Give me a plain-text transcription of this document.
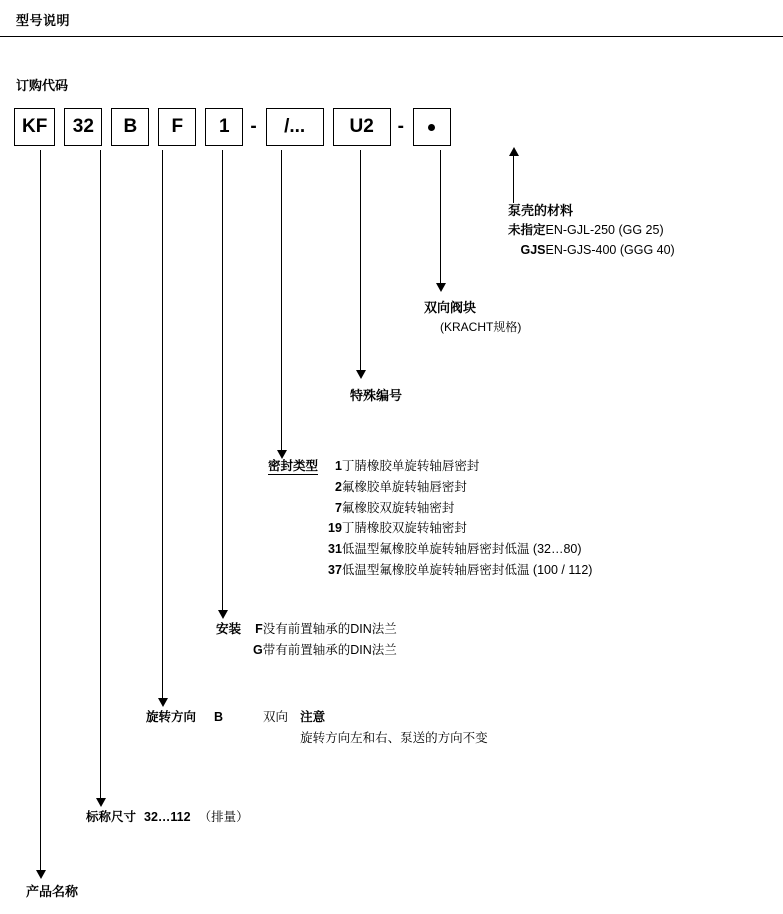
型号说明
订购代码
KF	32	B	F	1	-	/...	U2	-
泵壳的材料
未指定	EN-GJL-250 (GG 25)
GJS	EN-GJS-400 (GGG 40)
双向阀块
(KRACHT规格)
特殊编号
密封类型	1	丁腈橡胶单旋转轴唇密封	
	2	氟橡胶单旋转轴唇密封	
	7	氟橡胶双旋转轴密封	
	19	丁腈橡胶双旋转轴密封	
	31	低温型氟橡胶单旋转轴唇密封	低温 (32…80)
	37	低温型氟橡胶单旋转轴唇密封	低温 (100 / 112)
安装	F	没有前置轴承的DIN法兰
	G	带有前置轴承的DIN法兰
旋转方向	B	双向	注意
			旋转方向左和右、泵送的方向不变
标称尺寸	32…112	（排量）
产品名称
